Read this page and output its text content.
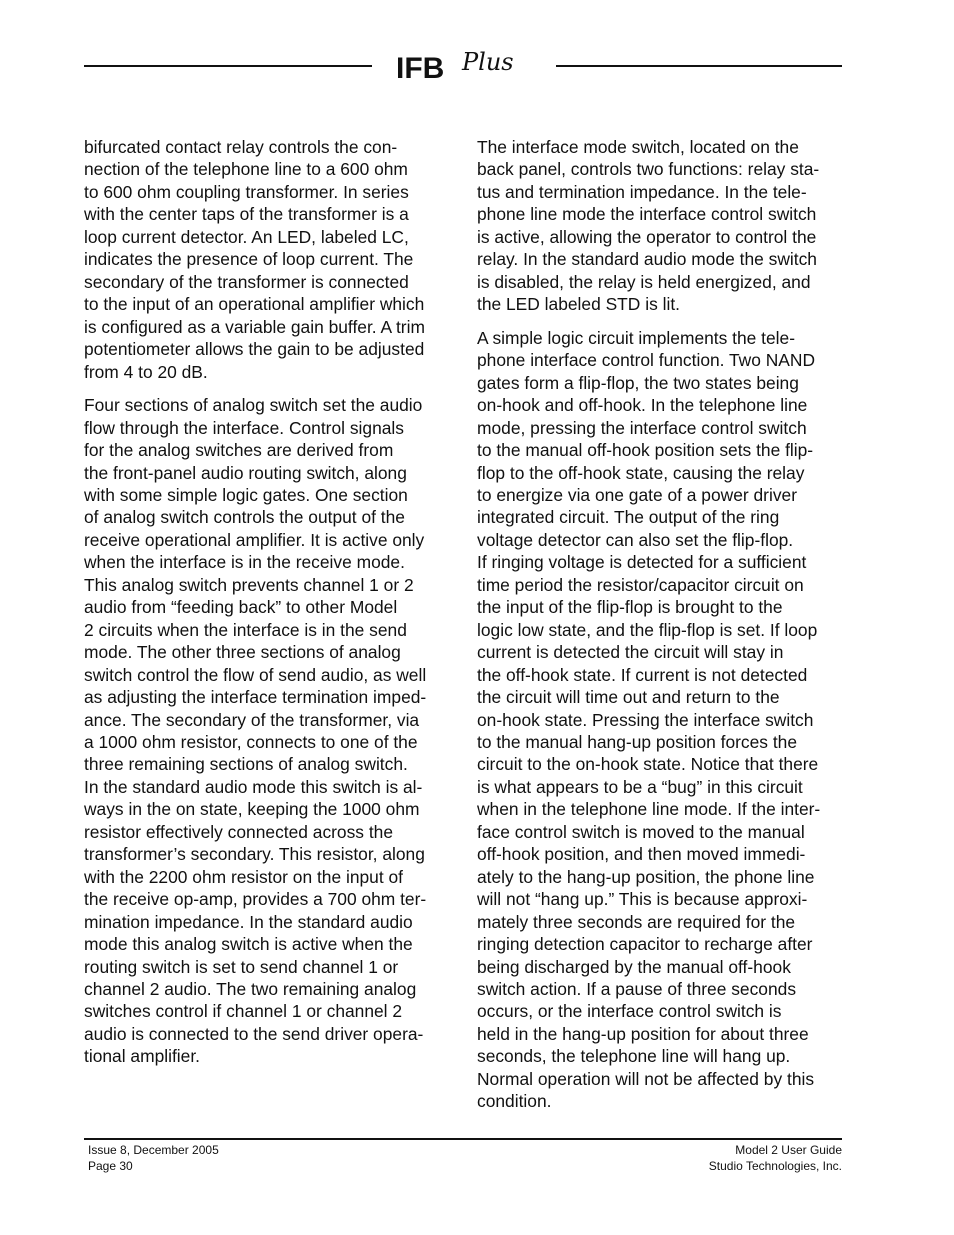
IFB Plus

bifurcated contact relay controls the con-
nection of the telephone line to a 600 ohm
to 600 ohm coupling transformer. In series
with the center taps of the transformer is a
loop current detector. An LED, labeled LC,
indicates the presence of loop current. The
secondary of the transformer is connected
to the input of an operational amplifier which
is configured as a variable gain buffer. A trim
potentiometer allows the gain to be adjusted
from 4 to 20 dB.

Four sections of analog switch set the audio
flow through the interface. Control signals
for the analog switches are derived from
the front-panel audio routing switch, along
with some simple logic gates. One section
of analog switch controls the output of the
receive operational amplifier. It is active only
when the interface is in the receive mode.
This analog switch prevents channel 1 or 2
audio from “feeding back” to other Model
2 circuits when the interface is in the send
mode. The other three sections of analog
switch control the flow of send audio, as well
as adjusting the interface termination imped-
ance. The secondary of the transformer, via
a 1000 ohm resistor, connects to one of the
three remaining sections of analog switch.
In the standard audio mode this switch is al-
ways in the on state, keeping the 1000 ohm
resistor effectively connected across the
transformer’s secondary. This resistor, along
with the 2200 ohm resistor on the input of
the receive op-amp, provides a 700 ohm ter-
mination impedance. In the standard audio
mode this analog switch is active when the
routing switch is set to send channel 1 or
channel 2 audio. The two remaining analog
switches control if channel 1 or channel 2
audio is connected to the send driver opera-
tional amplifier.

The interface mode switch, located on the
back panel, controls two functions: relay sta-
tus and termination impedance. In the tele-
phone line mode the interface control switch
is active, allowing the operator to control the
relay. In the standard audio mode the switch
is disabled, the relay is held energized, and
the LED labeled STD is lit.

A simple logic circuit implements the tele-
phone interface control function. Two NAND
gates form a flip-flop, the two states being
on-hook and off-hook. In the telephone line
mode, pressing the interface control switch
to the manual off-hook position sets the flip-
flop to the off-hook state, causing the relay
to energize via one gate of a power driver
integrated circuit. The output of the ring
voltage detector can also set the flip-flop.
If ringing voltage is detected for a sufficient
time period the resistor/capacitor circuit on
the input of the flip-flop is brought to the
logic low state, and the flip-flop is set. If loop
current is detected the circuit will stay in
the off-hook state. If current is not detected
the circuit will time out and return to the
on-hook state. Pressing the interface switch
to the manual hang-up position forces the
circuit to the on-hook state. Notice that there
is what appears to be a “bug” in this circuit
when in the telephone line mode. If the inter-
face control switch is moved to the manual
off-hook position, and then moved immedi-
ately to the hang-up position, the phone line
will not “hang up.” This is because approxi-
mately three seconds are required for the
ringing detection capacitor to recharge after
being discharged by the manual off-hook
switch action. If a pause of three seconds
occurs, or the interface control switch is
held in the hang-up position for about three
seconds, the telephone line will hang up.
Normal operation will not be affected by this
condition.

Issue 8, December 2005
Page 30
Model 2 User Guide
Studio Technologies, Inc.
